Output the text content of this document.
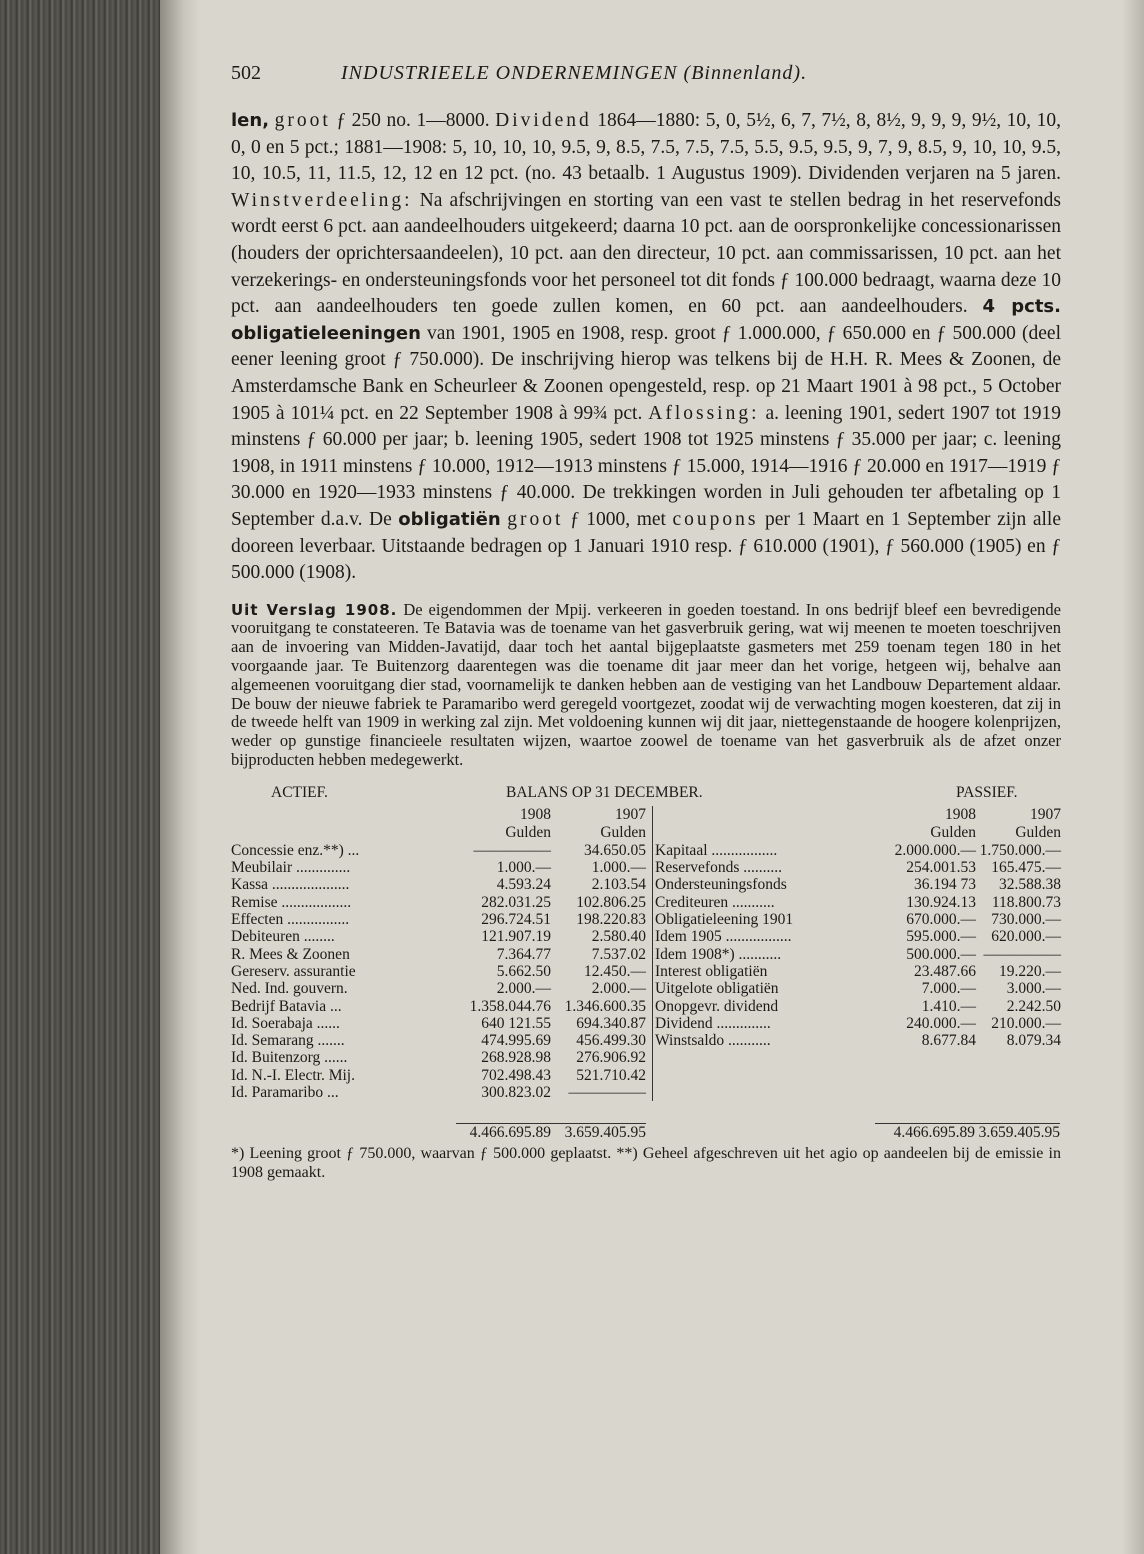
502	INDUSTRIEELE ONDERNEMINGEN (Binnenland).

len, groot ƒ 250 no. 1—8000. Dividend 1864—1880: 5, 0, 5½, 6, 7, 7½, 8, 8½, 9, 9, 9, 9½, 10, 10, 0, 0 en 5 pct.; 1881—1908: 5, 10, 10, 10, 9.5, 9, 8.5, 7.5, 7.5, 7.5, 5.5, 9.5, 9.5, 9, 7, 9, 8.5, 9, 10, 10, 9.5, 10, 10.5, 11, 11.5, 12, 12 en 12 pct. (no. 43 betaalb. 1 Augustus 1909). Dividenden verjaren na 5 jaren. Winstverdeeling: Na afschrijvingen en storting van een vast te stellen bedrag in het reservefonds wordt eerst 6 pct. aan aandeelhouders uitgekeerd; daarna 10 pct. aan de oorspronkelijke concessionarissen (houders der oprichtersaandeelen), 10 pct. aan den directeur, 10 pct. aan commissarissen, 10 pct. aan het verzekerings- en ondersteuningsfonds voor het personeel tot dit fonds ƒ 100.000 bedraagt, waarna deze 10 pct. aan aandeelhouders ten goede zullen komen, en 60 pct. aan aandeelhouders. 4 pcts. obligatieleeningen van 1901, 1905 en 1908, resp. groot ƒ 1.000.000, ƒ 650.000 en ƒ 500.000 (deel eener leening groot ƒ 750.000). De inschrijving hierop was telkens bij de H.H. R. Mees & Zoonen, de Amsterdamsche Bank en Scheurleer & Zoonen opengesteld, resp. op 21 Maart 1901 à 98 pct., 5 October 1905 à 101¼ pct. en 22 September 1908 à 99¾ pct. Aflossing: a. leening 1901, sedert 1907 tot 1919 minstens ƒ 60.000 per jaar; b. leening 1905, sedert 1908 tot 1925 minstens ƒ 35.000 per jaar; c. leening 1908, in 1911 minstens ƒ 10.000, 1912—1913 minstens ƒ 15.000, 1914—1916 ƒ 20.000 en 1917—1919 ƒ 30.000 en 1920—1933 minstens ƒ 40.000. De trekkingen worden in Juli gehouden ter afbetaling op 1 September d.a.v. De obligatiën groot ƒ 1000, met coupons per 1 Maart en 1 September zijn alle dooreen leverbaar. Uitstaande bedragen op 1 Januari 1910 resp. ƒ 610.000 (1901), ƒ 560.000 (1905) en ƒ 500.000 (1908).

Uit Verslag 1908. De eigendommen der Mpij. verkeeren in goeden toestand. In ons bedrijf bleef een bevredigende vooruitgang te constateeren. Te Batavia was de toename van het gasverbruik gering, wat wij meenen te moeten toeschrijven aan de invoering van Midden-Javatijd, daar toch het aantal bijgeplaatste gasmeters met 259 toenam tegen 180 in het voorgaande jaar. Te Buitenzorg daarentegen was die toename dit jaar meer dan het vorige, hetgeen wij, behalve aan algemeenen vooruitgang dier stad, voornamelijk te danken hebben aan de vestiging van het Landbouw Departement aldaar. De bouw der nieuwe fabriek te Paramaribo werd geregeld voortgezet, zoodat wij de verwachting mogen koesteren, dat zij in de tweede helft van 1909 in werking zal zijn. Met voldoening kunnen wij dit jaar, niettegenstaande de hoogere kolenprijzen, weder op gunstige financieele resultaten wijzen, waartoe zoowel de toename van het gasverbruik als de afzet onzer bijproducten hebben medegewerkt.
ACTIEF.	BALANS OP 31 DECEMBER.	PASSIEF.
1908	1907
Gulden	Gulden
Concessie enz.**) ...	—————	34.650.05
Meubilair ..............	1.000.—	1.000.—
Kassa ....................	4.593.24	2.103.54
Remise ..................	282.031.25	102.806.25
Effecten ................	296.724.51	198.220.83
Debiteuren ........	121.907.19	2.580.40
R. Mees & Zoonen	7.364.77	7.537.02
Gereserv. assurantie	5.662.50	12.450.—
Ned. Ind. gouvern.	2.000.—	2.000.—
Bedrijf Batavia ...	1.358.044.76 1.346.600.35
Id. Soerabaja ......	640 121.55	694.340.87
Id. Semarang .......	474.995.69	456.499.30
Id. Buitenzorg ......	268.928.98	276.906.92
Id. N.-I. Electr. Mij.	702.498.43	521.710.42
Id. Paramaribo ...	300.823.02	—————
1908	1907
Gulden	Gulden
Kapitaal .................	2.000.000.— 1.750.000.—
Reservefonds ..........	254.001.53 165.475.—
Ondersteuningsfonds	36.194 73	32.588.38
Crediteuren ...........	130.924.13	118.800.73
Obligatieleening 1901	670.000.— 730.000.—
Idem 1905 .................	595.000.— 620.000.—
Idem 1908*) ...........	500.000.— —————
Interest obligatiën	23.487.66	19.220.—
Uitgelote obligatiën	7.000.—	3.000.—
Onopgevr. dividend	1.410.—	2.242.50
Dividend ..............	240.000.— 210.000.—
Winstsaldo ...........	8.677.84	8.079.34
4.466.695.89 3.659.405.95	4.466.695.89 3.659.405.95
*) Leening groot ƒ 750.000, waarvan ƒ 500.000 geplaatst. **) Geheel afgeschreven uit het agio op aandeelen bij de emissie in 1908 gemaakt.
